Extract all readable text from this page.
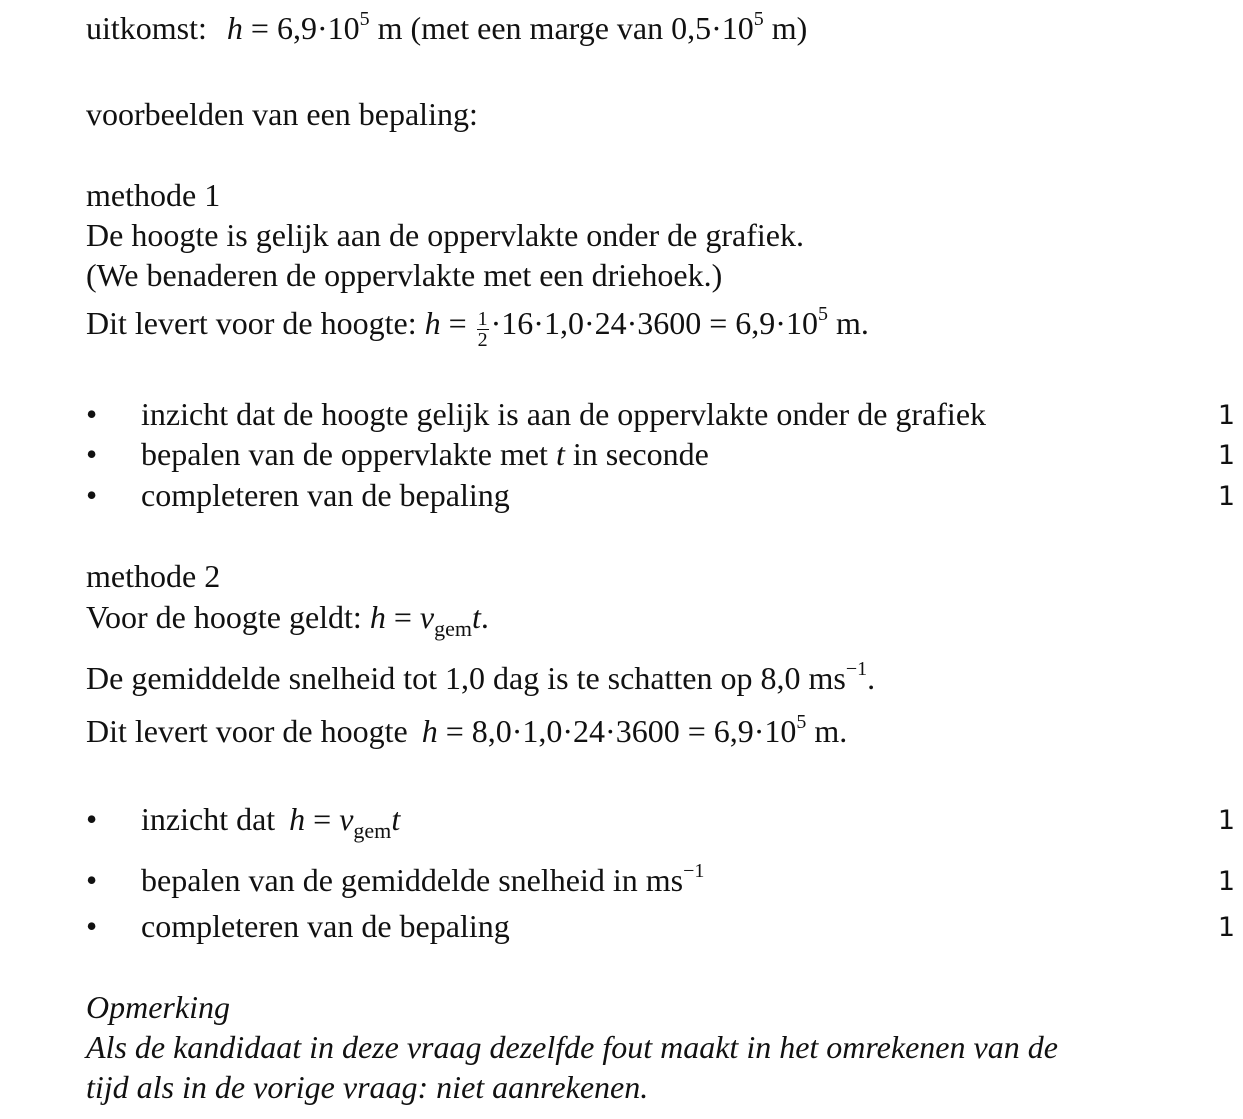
uitkomst: $h = 6,9\cdot 10^5$ m (met een marge van $0,5\cdot 10^5$ m)
voorbeelden van een bepaling:
methode 1
De hoogte is gelijk aan de oppervlakte onder de grafiek.
(We benaderen de oppervlakte met een driehoek.)
Dit levert voor de hoogte: $h = \frac{1}{2} \cdot 16\cdot 1,0\cdot 24\cdot 3600 = 6,9\cdot 10^5$ m.
• inzicht dat de hoogte gelijk is aan de oppervlakte onder de grafiek	1
• bepalen van de oppervlakte met t in seconde	1
• completeren van de bepaling	1
methode 2
Voor de hoogte geldt: $h = v_{gem}t$.
De gemiddelde snelheid tot 1,0 dag is te schatten op 8,0 $ms^{-1}$.
Dit levert voor de hoogte $h = 8,0\cdot 1,0\cdot 24\cdot 3600 = 6,9\cdot 10^5$ m.
• inzicht dat $h = v_{gem}t$	1
• bepalen van de gemiddelde snelheid in $ms^{-1}$	1
• completeren van de bepaling	1
Opmerking
Als de kandidaat in deze vraag dezelfde fout maakt in het omrekenen van de
tijd als in de vorige vraag: niet aanrekenen.
